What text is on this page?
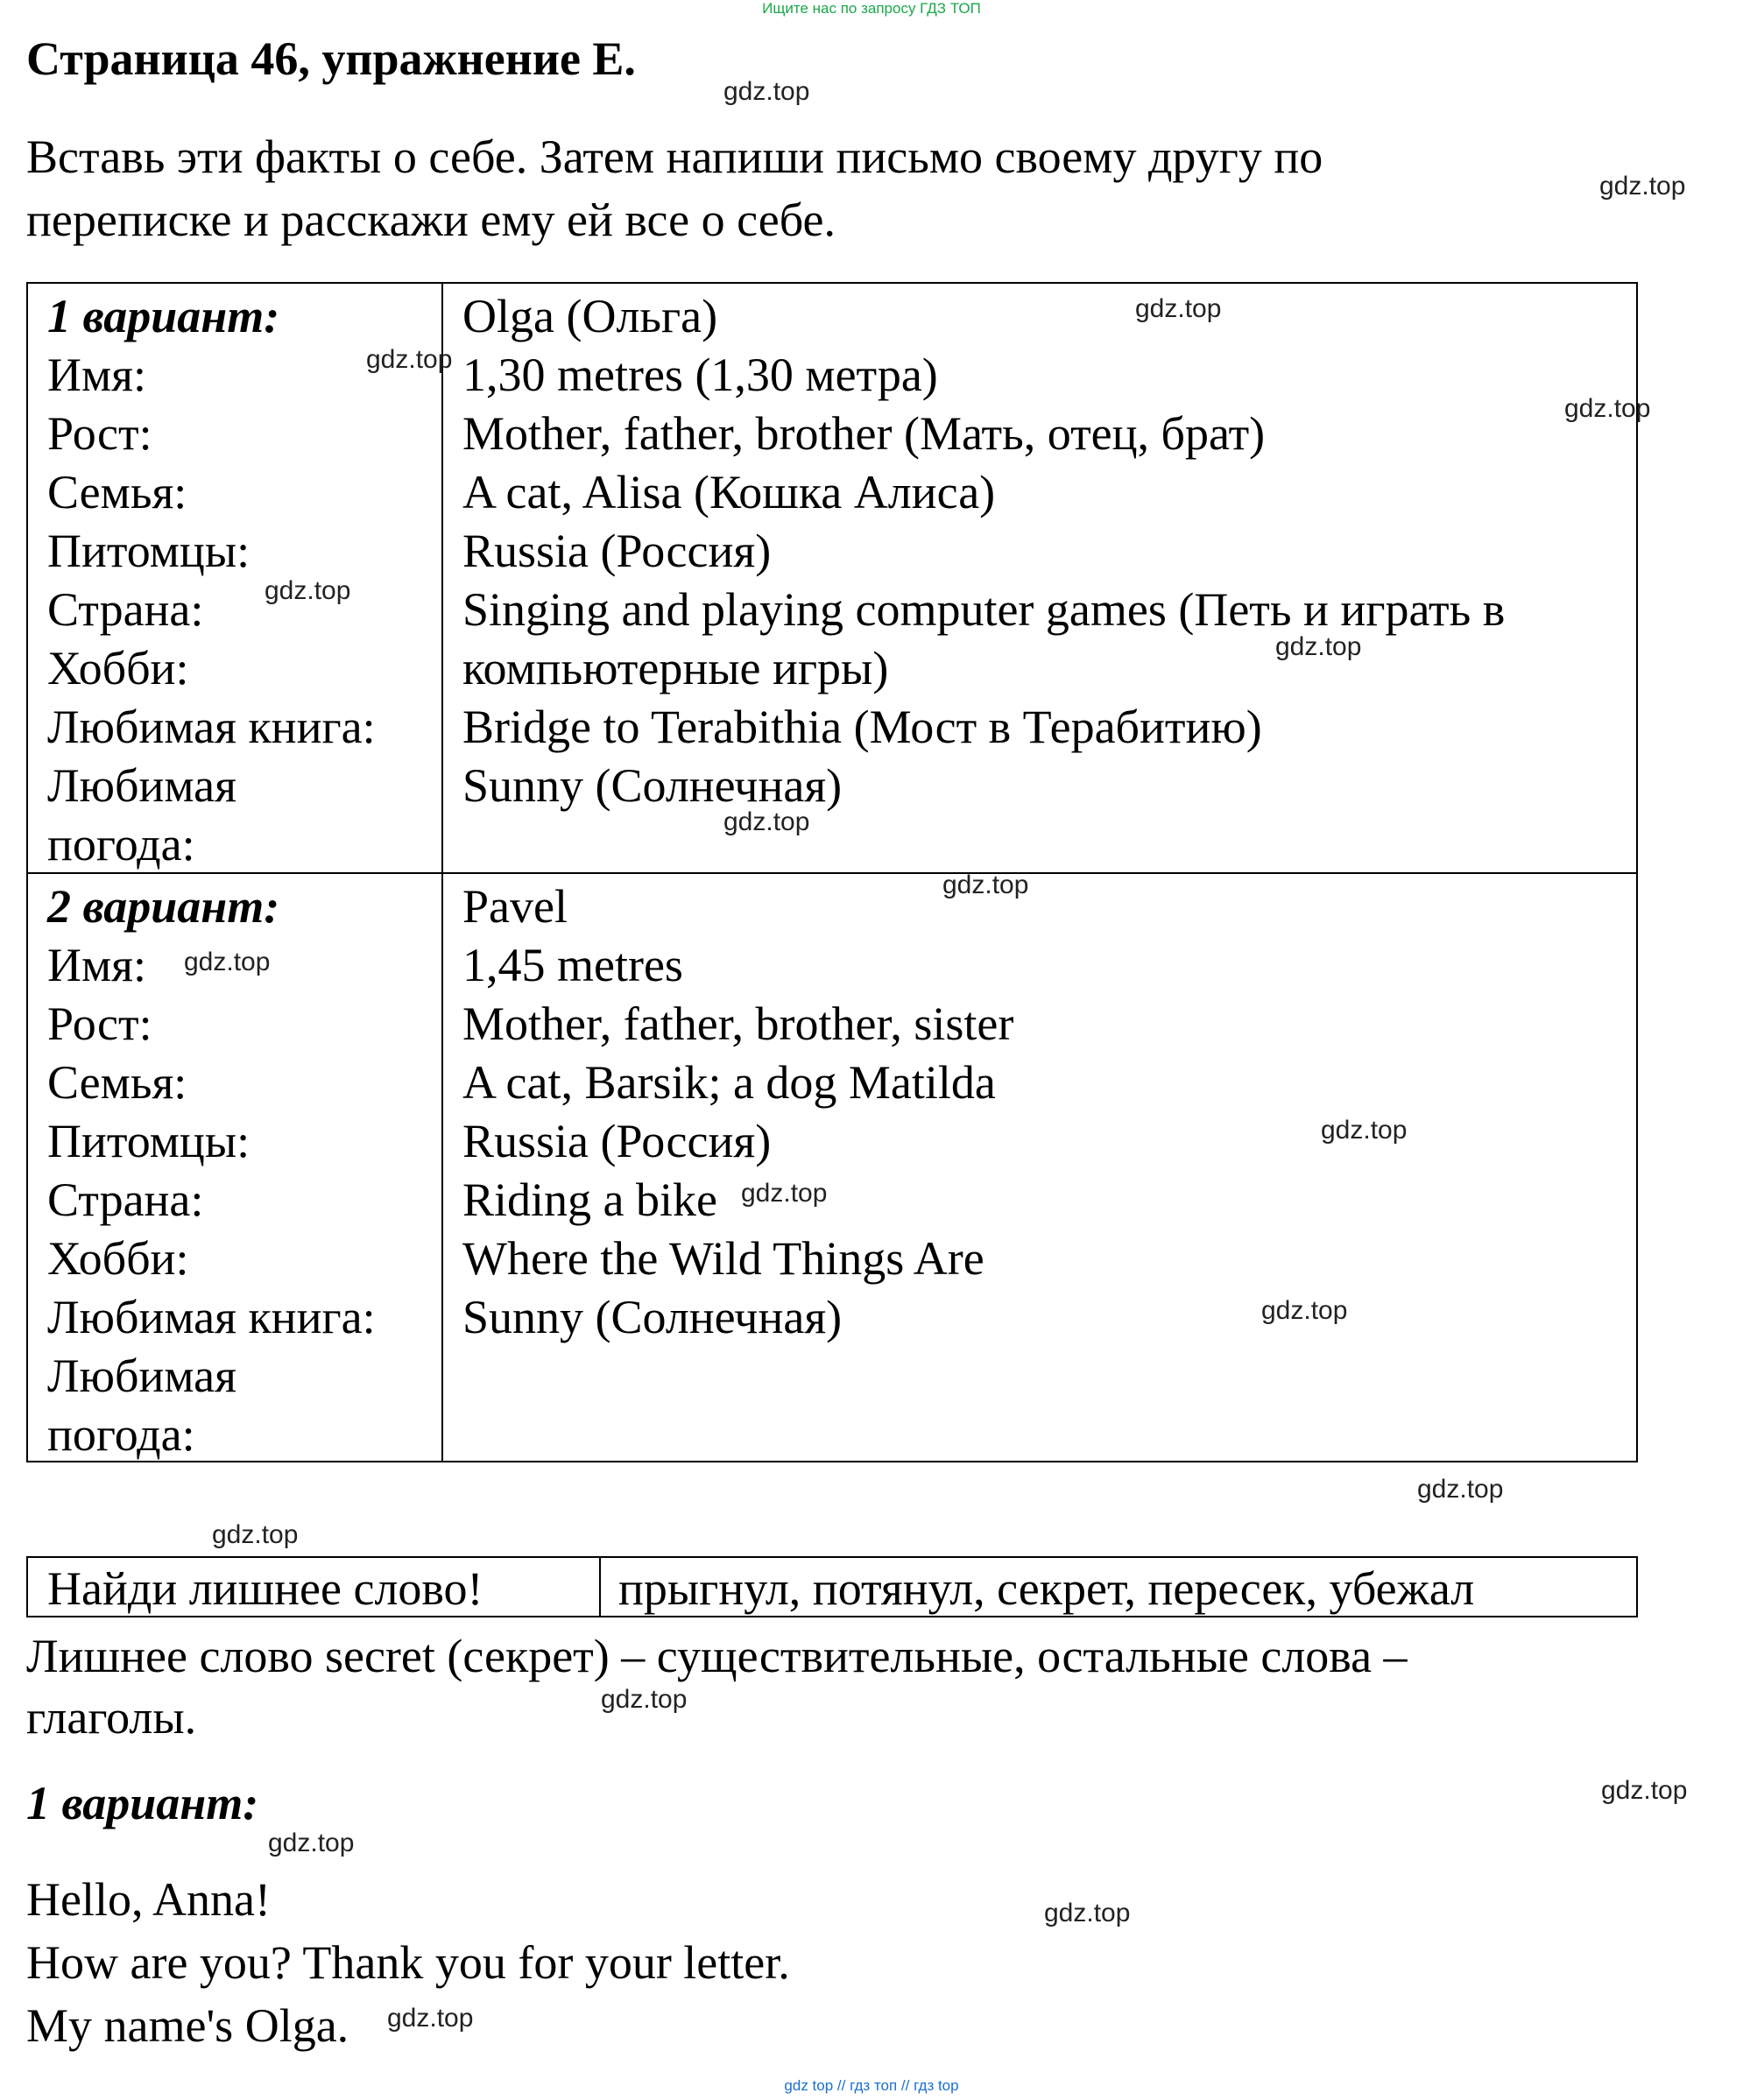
Ищите нас по запросу ГДЗ ТОП
Страница 46, упражнение E.
Вставь эти факты о себе. Затем напиши письмо своему другу по
переписке и расскажи ему ей все о себе.
1 вариант:
Имя:
Рост:
Семья:
Питомцы:
Страна:
Хобби:
Любимая книга:
Любимая
погода:
Olga (Ольга)
1,30 metres (1,30 метра)
Mother, father, brother (Мать, отец, брат)
A cat, Alisa (Кошка Алиса)
Russia (Россия)
Singing and playing computer games (Петь и играть в
компьютерные игры)
Bridge to Terabithia (Мост в Терабитию)
Sunny (Солнечная)
2 вариант:
Имя:
Рост:
Семья:
Питомцы:
Страна:
Хобби:
Любимая книга:
Любимая
погода:
Pavel
1,45 metres
Mother, father, brother, sister
A cat, Barsik; a dog Matilda
Russia (Россия)
Riding a bike
Where the Wild Things Are
Sunny (Солнечная)
Найди лишнее слово!	прыгнул, потянул, секрет, пересек, убежал
Лишнее слово secret (секрет) – существительные, остальные слова –
глаголы.
1 вариант:
Hello, Anna!
How are you? Thank you for your letter.
My name's Olga.
gdz.top
gdz.top
gdz.top
gdz.top
gdz.top
gdz.top
gdz.top
gdz.top
gdz.top
gdz.top
gdz.top
gdz.top
gdz.top
gdz.top
gdz.top
gdz.top
gdz.top
gdz.top
gdz.top
gdz.top
gdz top // гдз топ // гдз top
